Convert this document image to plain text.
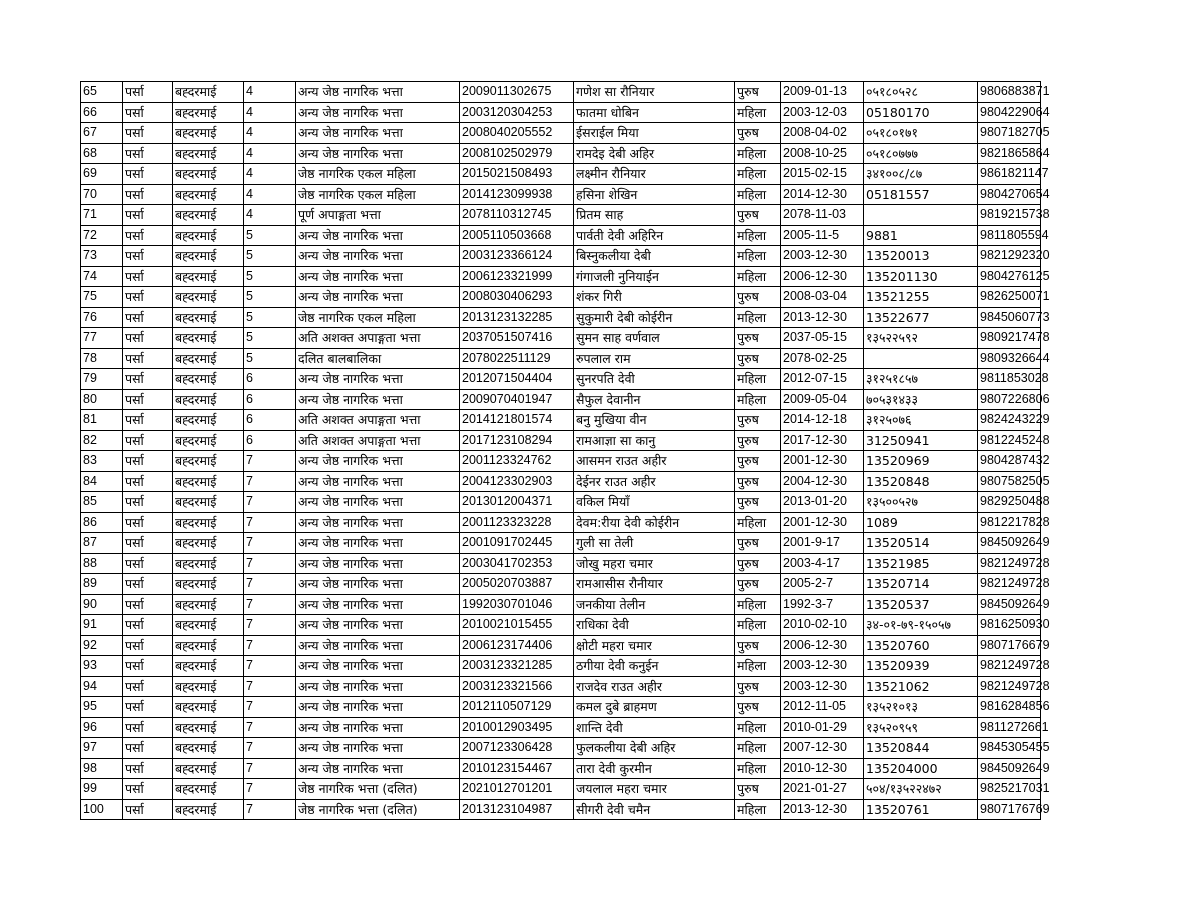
65	पर्सा	बह्दरमाई	4	अन्य जेष्ठ नागरिक भत्ता	2009011302675	गणेश सा रौनियार	पुरुष	2009-01-13	०५१८०५२८	9806883871
66	पर्सा	बह्दरमाई	4	अन्य जेष्ठ नागरिक भत्ता	2003120304253	फातमा धोबिन	महिला	2003-12-03	05180170	9804229064
67	पर्सा	बह्दरमाई	4	अन्य जेष्ठ नागरिक भत्ता	2008040205552	ईसराईल मिया	पुरुष	2008-04-02	०५१८०१७१	9807182705
68	पर्सा	बह्दरमाई	4	अन्य जेष्ठ नागरिक भत्ता	2008102502979	रामदेइ देबी अहिर	महिला	2008-10-25	०५१८०७७७	9821865864
69	पर्सा	बह्दरमाई	4	जेष्ठ नागरिक एकल महिला	2015021508493	लक्ष्मीन रौनियार	महिला	2015-02-15	३४१००८/८७	9861821147
70	पर्सा	बह्दरमाई	4	जेष्ठ नागरिक एकल महिला	2014123099938	हसिना शेखिन	महिला	2014-12-30	05181557	9804270654
71	पर्सा	बह्दरमाई	4	पूर्ण अपाङ्गता भत्ता	2078110312745	प्रितम साह	पुरुष	2078-11-03		9819215738
72	पर्सा	बह्दरमाई	5	अन्य जेष्ठ नागरिक भत्ता	2005110503668	पार्वती देवी अहिरिन	महिला	2005-11-5	9881	9811805594
73	पर्सा	बह्दरमाई	5	अन्य जेष्ठ नागरिक भत्ता	2003123366124	बिस्नुकलीया देबी	महिला	2003-12-30	13520013	9821292320
74	पर्सा	बह्दरमाई	5	अन्य जेष्ठ नागरिक भत्ता	2006123321999	गंगाजली नुनियाईन	महिला	2006-12-30	135201130	9804276125
75	पर्सा	बह्दरमाई	5	अन्य जेष्ठ नागरिक भत्ता	2008030406293	शंकर गिरी	पुरुष	2008-03-04	13521255	9826250071
76	पर्सा	बह्दरमाई	5	जेष्ठ नागरिक एकल महिला	2013123132285	सुकुमारी देबी कोईरीन	महिला	2013-12-30	13522677	9845060773
77	पर्सा	बह्दरमाई	5	अति अशक्त अपाङ्गता भत्ता	2037051507416	सुमन साह वर्णवाल	पुरुष	2037-05-15	१३५२२५९२	9809217478
78	पर्सा	बह्दरमाई	5	दलित बालबालिका	2078022511129	रुपलाल राम	पुरुष	2078-02-25		9809326644
79	पर्सा	बह्दरमाई	6	अन्य जेष्ठ नागरिक भत्ता	2012071504404	सुनरपति देवी	महिला	2012-07-15	३१२५१८५७	9811853028
80	पर्सा	बह्दरमाई	6	अन्य जेष्ठ नागरिक भत्ता	2009070401947	सैफुल देवानीन	महिला	2009-05-04	७०५३१४३३	9807226806
81	पर्सा	बह्दरमाई	6	अति अशक्त अपाङ्गता भत्ता	2014121801574	बनु मुखिया वीन	पुरुष	2014-12-18	३१२५०७६	9824243229
82	पर्सा	बह्दरमाई	6	अति अशक्त अपाङ्गता भत्ता	2017123108294	रामआज्ञा सा कानु	पुरुष	2017-12-30	31250941	9812245248
83	पर्सा	बह्दरमाई	7	अन्य जेष्ठ नागरिक भत्ता	2001123324762	आसमन राउत अहीर	पुरुष	2001-12-30	13520969	9804287432
84	पर्सा	बह्दरमाई	7	अन्य जेष्ठ नागरिक भत्ता	2004123302903	देईनर राउत अहीर	पुरुष	2004-12-30	13520848	9807582505
85	पर्सा	बह्दरमाई	7	अन्य जेष्ठ नागरिक भत्ता	2013012004371	वकिल मियाँ	पुरुष	2013-01-20	१३५००५२७	9829250488
86	पर्सा	बह्दरमाई	7	अन्य जेष्ठ नागरिक भत्ता	2001123323228	देवम:रीया देवी कोईरीन	महिला	2001-12-30	1089	9812217828
87	पर्सा	बह्दरमाई	7	अन्य जेष्ठ नागरिक भत्ता	2001091702445	गुली सा तेली	पुरुष	2001-9-17	13520514	9845092649
88	पर्सा	बह्दरमाई	7	अन्य जेष्ठ नागरिक भत्ता	2003041702353	जोखु महरा चमार	पुरुष	2003-4-17	13521985	9821249728
89	पर्सा	बह्दरमाई	7	अन्य जेष्ठ नागरिक भत्ता	2005020703887	रामआसीस रौनीयार	पुरुष	2005-2-7	13520714	9821249728
90	पर्सा	बह्दरमाई	7	अन्य जेष्ठ नागरिक भत्ता	1992030701046	जनकीया तेलीन	महिला	1992-3-7	13520537	9845092649
91	पर्सा	बह्दरमाई	7	अन्य जेष्ठ नागरिक भत्ता	2010021015455	राधिका देवी	महिला	2010-02-10	३४-०१-७९-१५०५७	9816250930
92	पर्सा	बह्दरमाई	7	अन्य जेष्ठ नागरिक भत्ता	2006123174406	क्षोटी महरा चमार	पुरुष	2006-12-30	13520760	9807176679
93	पर्सा	बह्दरमाई	7	अन्य जेष्ठ नागरिक भत्ता	2003123321285	ठगीया देवी कनुईन	महिला	2003-12-30	13520939	9821249728
94	पर्सा	बह्दरमाई	7	अन्य जेष्ठ नागरिक भत्ता	2003123321566	राजदेव राउत अहीर	पुरुष	2003-12-30	13521062	9821249728
95	पर्सा	बह्दरमाई	7	अन्य जेष्ठ नागरिक भत्ता	2012110507129	कमल दुबे ब्राहमण	पुरुष	2012-11-05	१३५२१०१३	9816284856
96	पर्सा	बह्दरमाई	7	अन्य जेष्ठ नागरिक भत्ता	2010012903495	शान्ति देवी	महिला	2010-01-29	१३५२०९५९	9811272661
97	पर्सा	बह्दरमाई	7	अन्य जेष्ठ नागरिक भत्ता	2007123306428	फुलकलीया देबी अहिर	महिला	2007-12-30	13520844	9845305455
98	पर्सा	बह्दरमाई	7	अन्य जेष्ठ नागरिक भत्ता	2010123154467	तारा देवी कुरमीन	महिला	2010-12-30	135204000	9845092649
99	पर्सा	बह्दरमाई	7	जेष्ठ नागरिक भत्ता (दलित)	2021012701201	जयलाल महरा चमार	पुरुष	2021-01-27	५०४/१३५२२४७२	9825217031
100	पर्सा	बह्दरमाई	7	जेष्ठ नागरिक भत्ता (दलित)	2013123104987	सीगरी देवी चमैन	महिला	2013-12-30	13520761	9807176769
